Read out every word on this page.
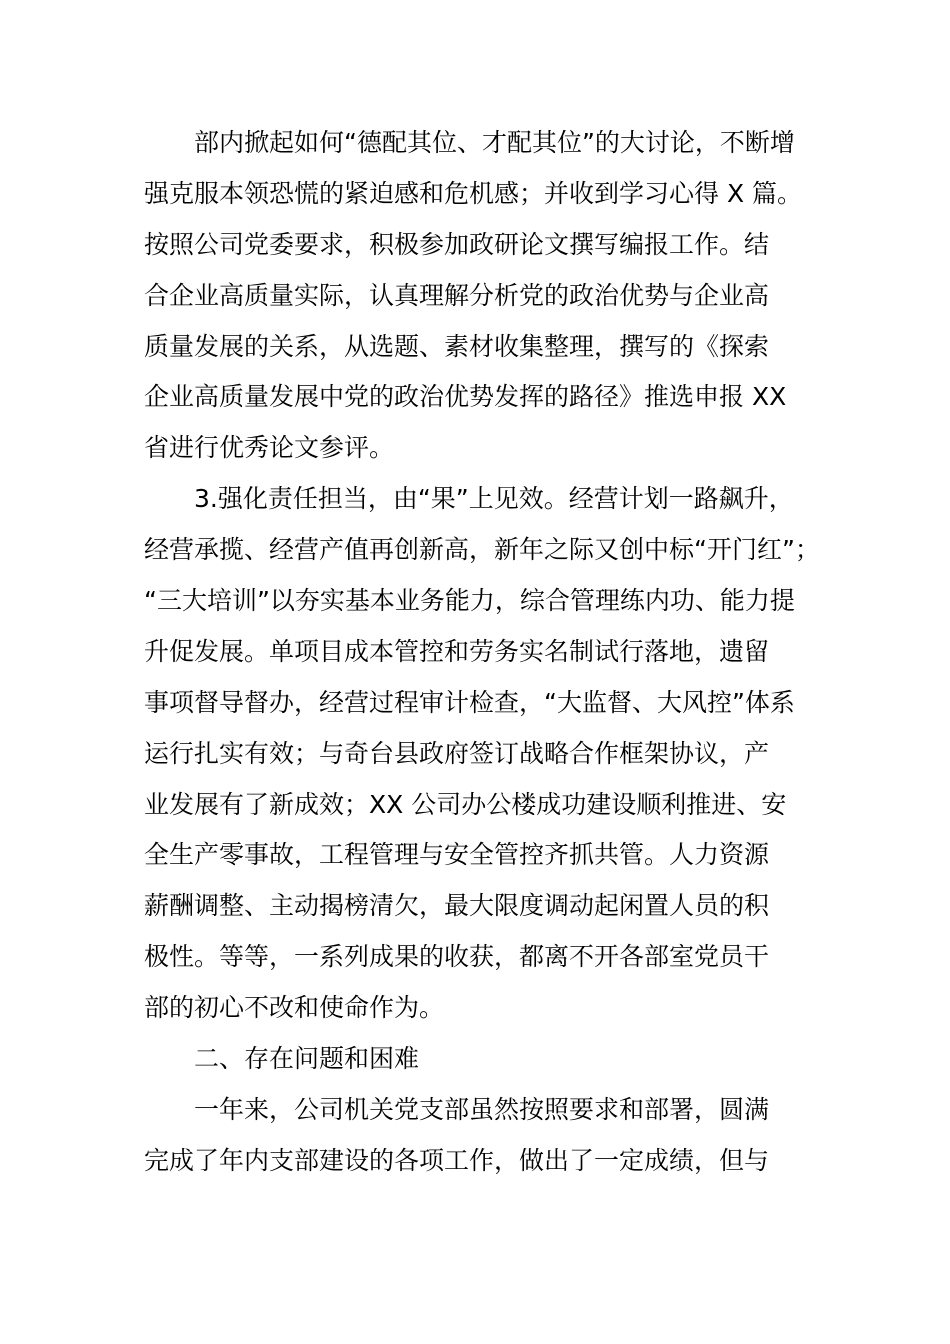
部内掀起如何“德配其位、才配其位”的大讨论，不断增
强克服本领恐慌的紧迫感和危机感；并收到学习心得 X 篇。
按照公司党委要求，积极参加政研论文撰写编报工作。结
合企业高质量实际，认真理解分析党的政治优势与企业高
质量发展的关系，从选题、素材收集整理，撰写的《探索
企业高质量发展中党的政治优势发挥的路径》推选申报 XX
省进行优秀论文参评。
3.强化责任担当，由“果”上见效。经营计划一路飙升，
经营承揽、经营产值再创新高，新年之际又创中标“开门红”；
“三大培训”以夯实基本业务能力，综合管理练内功、能力提
升促发展。单项目成本管控和劳务实名制试行落地，遗留
事项督导督办，经营过程审计检查，“大监督、大风控”体系
运行扎实有效；与奇台县政府签订战略合作框架协议，产
业发展有了新成效；XX 公司办公楼成功建设顺利推进、安
全生产零事故，工程管理与安全管控齐抓共管。人力资源
薪酬调整、主动揭榜清欠，最大限度调动起闲置人员的积
极性。等等，一系列成果的收获，都离不开各部室党员干
部的初心不改和使命作为。
二、存在问题和困难
一年来，公司机关党支部虽然按照要求和部署，圆满
完成了年内支部建设的各项工作，做出了一定成绩，但与
